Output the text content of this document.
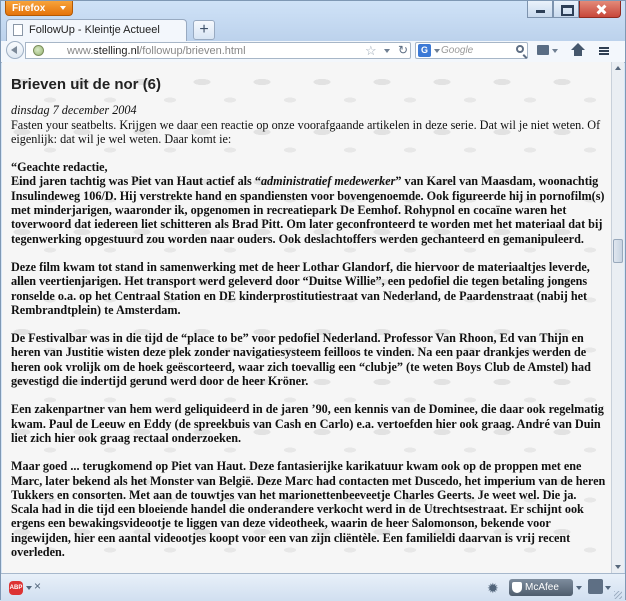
Firefox
FollowUp - Kleintje Actueel	+
www.stelling.nl/followup/brieven.html	☆ ↻	G	Google
Brieven uit de nor (6)
dinsdag 7 december 2004

Fasten your seatbelts. Krijgen we daar een reactie op onze voorafgaande artikelen in deze serie. Dat wil je niet weten. Of eigenlijk: dat wil je wel weten. Daar komt ie:

“Geachte redactie,
Eind jaren tachtig was Piet van Haut actief als “administratief medewerker” van Karel van Maasdam, woonachtig Insulindeweg 106/D. Hij verstrekte hand en spandiensten voor bovengenoemde. Ook figureerde hij in pornofilm(s) met minderjarigen, waaronder ik, opgenomen in recreatiepark De Eemhof. Rohypnol en cocaïne waren het toverwoord dat iedereen liet schitteren als Brad Pitt. Om later geconfronteerd te worden met het materiaal dat bij tegenwerking opgestuurd zou worden naar ouders. Ook deslachtoffers werden gechanteerd en gemanipuleerd.

Deze film kwam tot stand in samenwerking met de heer Lothar Glandorf, die hiervoor de materiaaltjes leverde, allen veertienjarigen. Het transport werd geleverd door “Duitse Willie”, een pedofiel die tegen betaling jongens ronselde o.a. op het Centraal Station en DE kinderprostitutiestraat van Nederland, de Paardenstraat (nabij het Rembrandtplein) te Amsterdam.

De Festivalbar was in die tijd de “place to be” voor pedofiel Nederland. Professor Van Rhoon, Ed van Thijn en heren van Justitie wisten deze plek zonder navigatiesysteem feilloos te vinden. Na een paar drankjes werden de heren ook vrolijk om de hoek geëscorteerd, waar zich toevallig een “clubje” (te weten Boys Club de Amstel) had gevestigd die indertijd gerund werd door de heer Kröner.

Een zakenpartner van hem werd geliquideerd in de jaren ’90, een kennis van de Dominee, die daar ook regelmatig kwam. Paul de Leeuw en Eddy (de spreekbuis van Cash en Carlo) e.a. vertoefden hier ook graag. André van Duin liet zich hier ook graag rectaal onderzoeken.

Maar goed ... terugkomend op Piet van Haut. Deze fantasierijke karikatuur kwam ook op de proppen met ene Marc, later bekend als het Monster van België. Deze Marc had contacten met Duscedo, het imperium van de heren Tukkers en consorten. Met aan de touwtjes van het marionettenbeeveetje Charles Geerts. Je weet wel. Die ja. Scala had in die tijd een bloeiende handel die onderandere verkocht werd in de Utrechtsestraat. Er schijnt ook ergens een bewakingsvideootje te liggen van deze videotheek, waarin de heer Salomonson, bekende voor ingewijden, hier een aantal videootjes koopt voor een van zijn cliëntèle. Een familieldi daarvan is vrij recent overleden.

ABP ×	✹	McAfee
